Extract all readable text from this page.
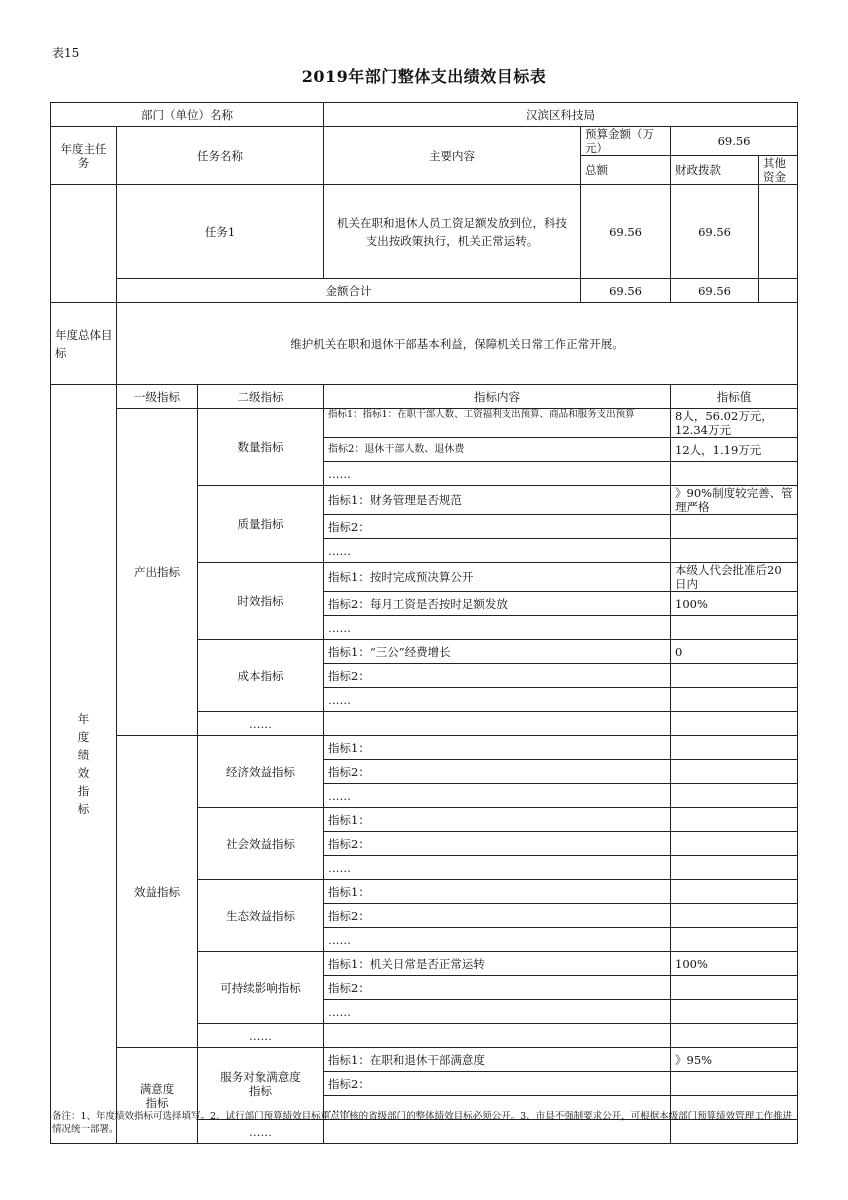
表15
2019年部门整体支出绩效目标表
部门（单位）名称			汉滨区科技局			
年度主任务	任务名称		主要内容	预算金额（万元）	69.56	
				总额	财政拨款	其他资金
	任务1		机关在职和退休人员工资足额发放到位，科技支出按政策执行，机关正常运转。	69.56	69.56	
	金额合计			69.56	69.56	
年度总体目标	维护机关在职和退休干部基本利益，保障机关日常工作正常开展。					
年度绩效指标	一级指标	二级指标	指标内容		指标值	
	产出指标	数量指标	指标1：指标1：在职干部人数、工资福利支出预算、商品和服务支出预算		8人，56.02万元，12.34万元	
			指标2：退休干部人数、退休费		12人，1.19万元	
			……			
		质量指标	指标1：财务管理是否规范		》90%制度较完善、管理严格	
			指标2：			
			……			
		时效指标	指标1：按时完成预决算公开		本级人代会批准后20日内	
			指标2：每月工资是否按时足额发放		100%	
			……			
		成本指标	指标1：“三公”经费增长		0	
			指标2：			
			……			
		……				
	效益指标	经济效益指标	指标1：			
			指标2：			
			……			
		社会效益指标	指标1：			
			指标2：			
			……			
		生态效益指标	指标1：			
			指标2：			
			……			
		可持续影响指标	指标1：机关日常是否正常运转		100%	
			指标2：			
			……			
		……				
	满意度指标	服务对象满意度指标	指标1：在职和退休干部满意度		》95%	
			指标2：			
			……			
		……				
备注：1、年度绩效指标可选择填写。2、试行部门预算绩效目标重点审核的省级部门的整体绩效目标必须公开。3、市县不强制要求公开，可根据本级部门预算绩效管理工作推进情况统一部署。
